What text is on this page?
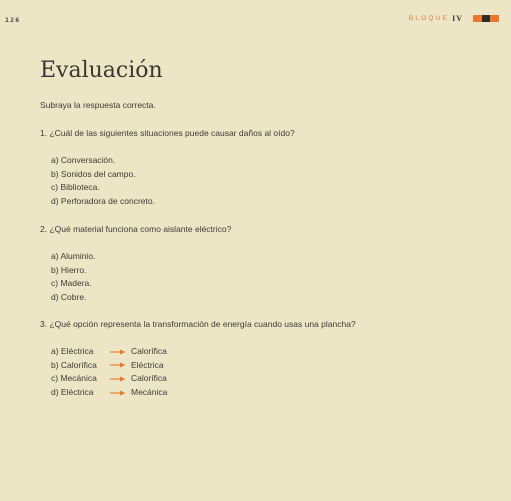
126	BLOQUE IV
Evaluación
Subraya la respuesta correcta.
1. ¿Cuál de las siguientes situaciones puede causar daños al oído?
a) Conversación.
b) Sonidos del campo.
c) Biblioteca.
d) Perforadora de concreto.
2. ¿Qué material funciona como aislante eléctrico?
a) Aluminio.
b) Hierro.
c) Madera.
d) Cobre.
3. ¿Qué opción representa la transformación de energía cuando usas una plancha?
a) Eléctrica	Calorífica
b) Calorífica	Eléctrica
c) Mecánica	Calorífica
d) Eléctrica	Mecánica
